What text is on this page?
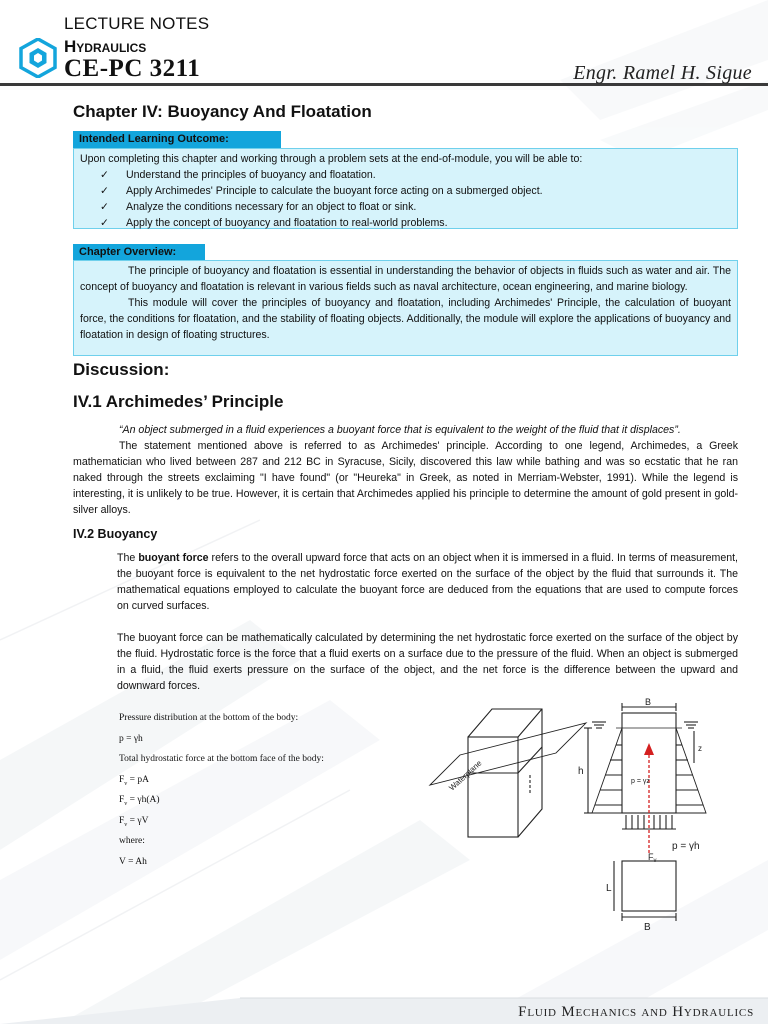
LECTURE NOTES
Hydraulics
CE-PC 3211	Engr. Ramel H. Sigue
Chapter IV: Buoyancy And Floatation
Intended Learning Outcome:
Upon completing this chapter and working through a problem sets at the end-of-module, you will be able to:
✓ Understand the principles of buoyancy and floatation.
✓ Apply Archimedes' Principle to calculate the buoyant force acting on a submerged object.
✓ Analyze the conditions necessary for an object to float or sink.
✓ Apply the concept of buoyancy and floatation to real-world problems.
Chapter Overview:

The principle of buoyancy and floatation is essential in understanding the behavior of objects in fluids such as water and air. The concept of buoyancy and floatation is relevant in various fields such as naval architecture, ocean engineering, and marine biology.

This module will cover the principles of buoyancy and floatation, including Archimedes' Principle, the calculation of buoyant force, the conditions for floatation, and the stability of floating objects. Additionally, the module will explore the applications of buoyancy and floatation in design of floating structures.

Discussion:
IV.1 Archimedes’ Principle

“An object submerged in a fluid experiences a buoyant force that is equivalent to the weight of the fluid that it displaces”.

The statement mentioned above is referred to as Archimedes' principle. According to one legend, Archimedes, a Greek mathematician who lived between 287 and 212 BC in Syracuse, Sicily, discovered this law while bathing and was so ecstatic that he ran naked through the streets exclaiming "I have found" (or "Heureka" in Greek, as noted in Merriam-Webster, 1991). While the legend is interesting, it is unlikely to be true. However, it is certain that Archimedes applied his principle to determine the amount of gold present in gold-silver alloys.

IV.2 Buoyancy

The buoyant force refers to the overall upward force that acts on an object when it is immersed in a fluid. In terms of measurement, the buoyant force is equivalent to the net hydrostatic force exerted on the surface of the object by the fluid that surrounds it. The mathematical equations employed to calculate the buoyant force are deduced from the equations that are used to compute forces on curved surfaces.

The buoyant force can be mathematically calculated by determining the net hydrostatic force exerted on the surface of the object by the fluid. Hydrostatic force is the force that a fluid exerts on a surface due to the pressure of the fluid. When an object is submerged in a fluid, the fluid exerts pressure on the surface of the object, and the net force is the difference between the upward and downward forces.

Pressure distribution at the bottom of the body:
p = γh
Total hydrostatic force at the bottom face of the body:
$F_v$ = pA
$F_v = \gamma h(A)$
$F_v = \gamma V$
where:
V = Ah
Waterplane
B
h
z
p = γz
$F_v$
p = γh
L
B
Fluid Mechanics and Hydraulics
